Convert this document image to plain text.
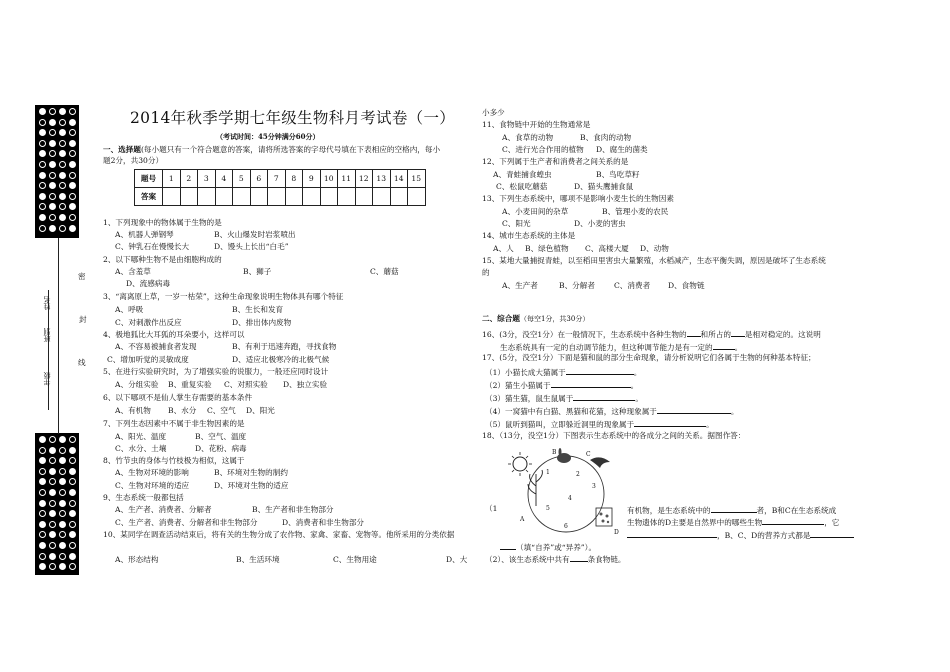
年级
班别
姓名
密
封
线
2014年秋季学期七年级生物科月考试卷（一）
（考试时间：45分钟满分60分）
一、选择题(每小题只有一个符合题意的答案，请将所选答案的字母代号填在下表相应的空格内，每小
题2分，共30分）
题号	1	2	3	4	5	6	7	8	9	10	11	12	13	14	15
答案															
1、下列现象中的物体属于生物的是
A、机器人弹钢琴	B、火山爆发时岩浆喷出
C、钟乳石在慢慢长大	D、馒头上长出“白毛”
2、以下哪种生物不是由细胞构成的
A、含羞草	B、狮子	C、蘑菇
D、流感病毒
3、“离离原上草，一岁一枯荣”，这种生命现象说明生物体具有哪个特征
A、呼吸	B、生长和发育
C、对刺激作出反应	D、排出体内废物
4、极地狐比大耳狐的耳朵要小，这样可以
A、不容易被捕食者发现	B、有利于迅速奔跑，寻找食物
C、增加听觉的灵敏成度	D、适应北极寒冷的北极气候
5、在进行实验研究时，为了增强实验的说服力，一般还应同时设计
A、分组实验 B、重复实验 C、对照实验 D、独立实验
6、以下哪项不是仙人掌生存需要的基本条件
A、有机物 B、水分 C、空气 D、阳光
7、下列生态因素中不属于非生物因素的是
A、阳光、温度	B、空气、温度
C、水分、土壤	D、花粉、病毒
8、竹节虫的身体与竹枝极为相似，这属于
A、生物对环境的影响	B、环境对生物的制约
C、生物对环境的适应	D、环境对生物的适应
9、生态系统一般都包括
A、生产者、消费者、分解者	B、生产者和非生物部分
C、生产者、消费者、分解者和非生物部分	D、消费者和非生物部分
10、某同学在调查活动结束后，将有关的生物分成了农作物、家禽、家畜、宠物等。他所采用的分类依据
A、形态结构	B、生活环境	C、生物用途	D、大
小多少
11、食物链中开始的生物通常是
A、食草的动物	B、食肉的动物
C、进行光合作用的植物 D、腐生的菌类
12、下列属于生产者和消费者之间关系的是
A、青蛙捕食蝗虫	B、鸟吃草籽
C、松鼠吃蘑菇	D、猫头鹰捕食鼠
13、下列生态系统中，哪项不是影响小麦生长的生物因素
A、小麦田间的杂草	B、管理小麦的农民
C、阳光	D、小麦的害虫
14、城市生态系统的主体是
A、人 B、绿色植物 C、高楼大厦 D、动物
15、某地大量捕捉青蛙，以至稻田里害虫大量繁殖，水稻减产，生态平衡失调，原因是破坏了生态系统
的
A、生产者	B、分解者	C、消费者 D、食物链
二、综合题（每空1分，共30分）
16、(3分，没空1分）在一般情况下，生态系统中各种生物的 和所占的 是相对稳定的。这说明
生态系统具有一定的自动调节能力，但这种调节能力是有一定的	。
17、(5分，没空1分）下面是猫和鼠的部分生命现象，请分析说明它们各属于生物的何种基本特征；
（1）小猫长成大猫属于	。
（2）猫生小猫属于	。
（3）猫生猫，鼠生鼠属于	。
（4）一窝猫中有白猫、黑猫和花猫，这种现象属于	。
（5）鼠听到猫叫，立即躲近洞里的现象属于	。
18、（13分，没空1分）下图表示生态系统中的各成分之间的关系。据图作答：
A
B	C
D
1	2
3
4
5
6
（1	有机物，是生态系统中的	者，B和C在生态系统成
生物遗体的D主要是自然界中的哪些生物	，它
，B、C、D的营养方式都是
（填“自养”或“异养”）。
（2）、该生态系统中共有 条食物链。
